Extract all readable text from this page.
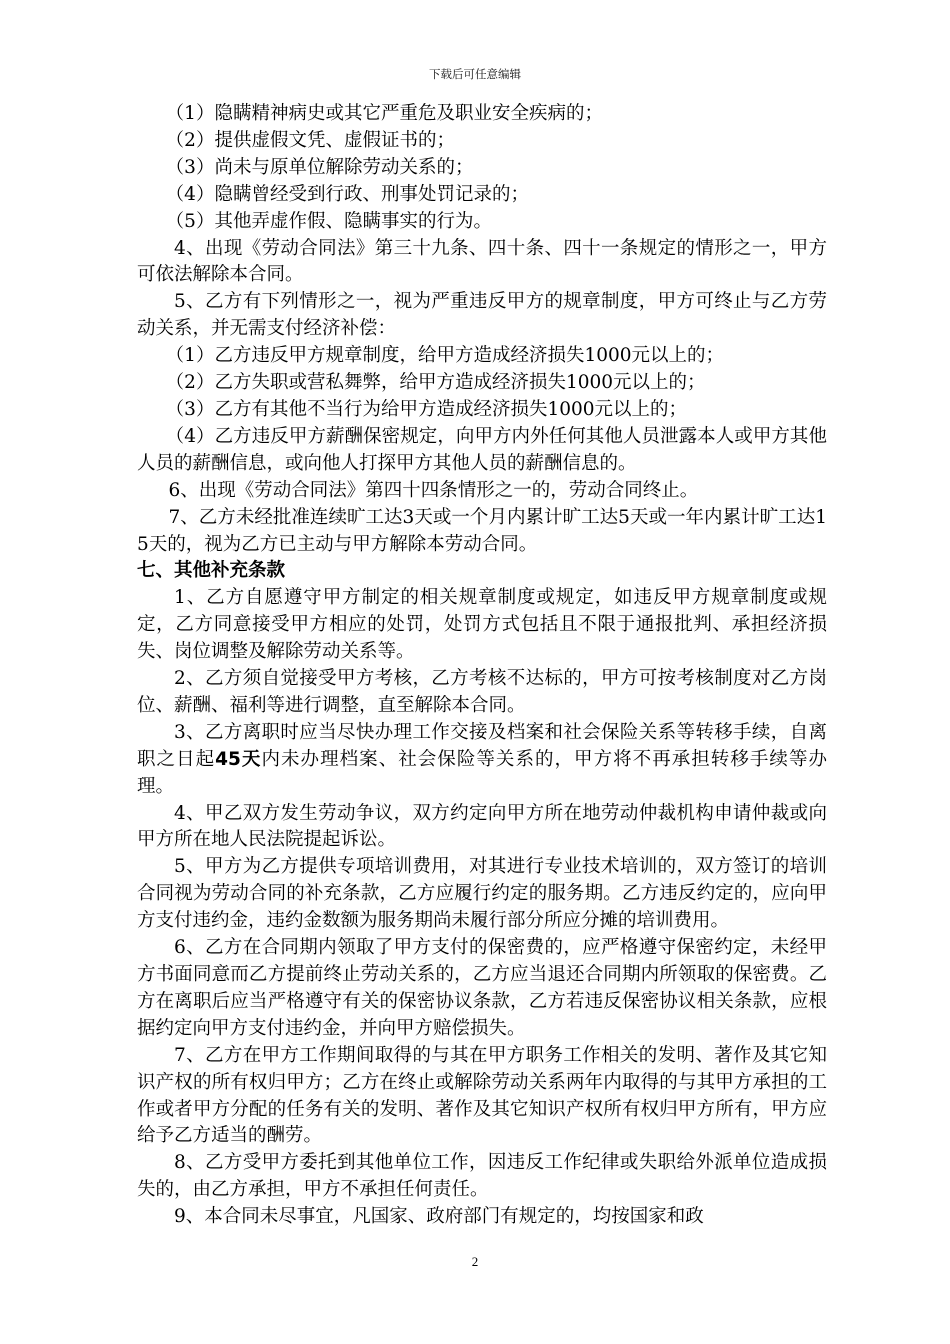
下载后可任意编辑

（1）隐瞒精神病史或其它严重危及职业安全疾病的；

（2）提供虚假文凭、虚假证书的；

（3）尚未与原单位解除劳动关系的；

（4）隐瞒曾经受到行政、刑事处罚记录的；

（5）其他弄虚作假、隐瞒事实的行为。

4、出现《劳动合同法》第三十九条、四十条、四十一条规定的情形之一，甲方可依法解除本合同。

5、乙方有下列情形之一，视为严重违反甲方的规章制度，甲方可终止与乙方劳动关系，并无需支付经济补偿：

（1）乙方违反甲方规章制度，给甲方造成经济损失1000元以上的；

（2）乙方失职或营私舞弊，给甲方造成经济损失1000元以上的；

（3）乙方有其他不当行为给甲方造成经济损失1000元以上的；

（4）乙方违反甲方薪酬保密规定，向甲方内外任何其他人员泄露本人或甲方其他人员的薪酬信息，或向他人打探甲方其他人员的薪酬信息的。

6、出现《劳动合同法》第四十四条情形之一的，劳动合同终止。

7、乙方未经批准连续旷工达3天或一个月内累计旷工达5天或一年内累计旷工达15天的，视为乙方已主动与甲方解除本劳动合同。

七、其他补充条款

1、乙方自愿遵守甲方制定的相关规章制度或规定，如违反甲方规章制度或规定，乙方同意接受甲方相应的处罚，处罚方式包括且不限于通报批判、承担经济损失、岗位调整及解除劳动关系等。

2、乙方须自觉接受甲方考核，乙方考核不达标的，甲方可按考核制度对乙方岗位、薪酬、福利等进行调整，直至解除本合同。

3、乙方离职时应当尽快办理工作交接及档案和社会保险关系等转移手续，自离职之日起45天内未办理档案、社会保险等关系的，甲方将不再承担转移手续等办理。

4、甲乙双方发生劳动争议，双方约定向甲方所在地劳动仲裁机构申请仲裁或向甲方所在地人民法院提起诉讼。

5、甲方为乙方提供专项培训费用，对其进行专业技术培训的，双方签订的培训合同视为劳动合同的补充条款，乙方应履行约定的服务期。乙方违反约定的，应向甲方支付违约金，违约金数额为服务期尚未履行部分所应分摊的培训费用。

6、乙方在合同期内领取了甲方支付的保密费的，应严格遵守保密约定，未经甲方书面同意而乙方提前终止劳动关系的，乙方应当退还合同期内所领取的保密费。乙方在离职后应当严格遵守有关的保密协议条款，乙方若违反保密协议相关条款，应根据约定向甲方支付违约金，并向甲方赔偿损失。

7、乙方在甲方工作期间取得的与其在甲方职务工作相关的发明、著作及其它知识产权的所有权归甲方；乙方在终止或解除劳动关系两年内取得的与其甲方承担的工作或者甲方分配的任务有关的发明、著作及其它知识产权所有权归甲方所有，甲方应给予乙方适当的酬劳。

8、乙方受甲方委托到其他单位工作，因违反工作纪律或失职给外派单位造成损失的，由乙方承担，甲方不承担任何责任。

9、本合同未尽事宜，凡国家、政府部门有规定的，均按国家和政

2
